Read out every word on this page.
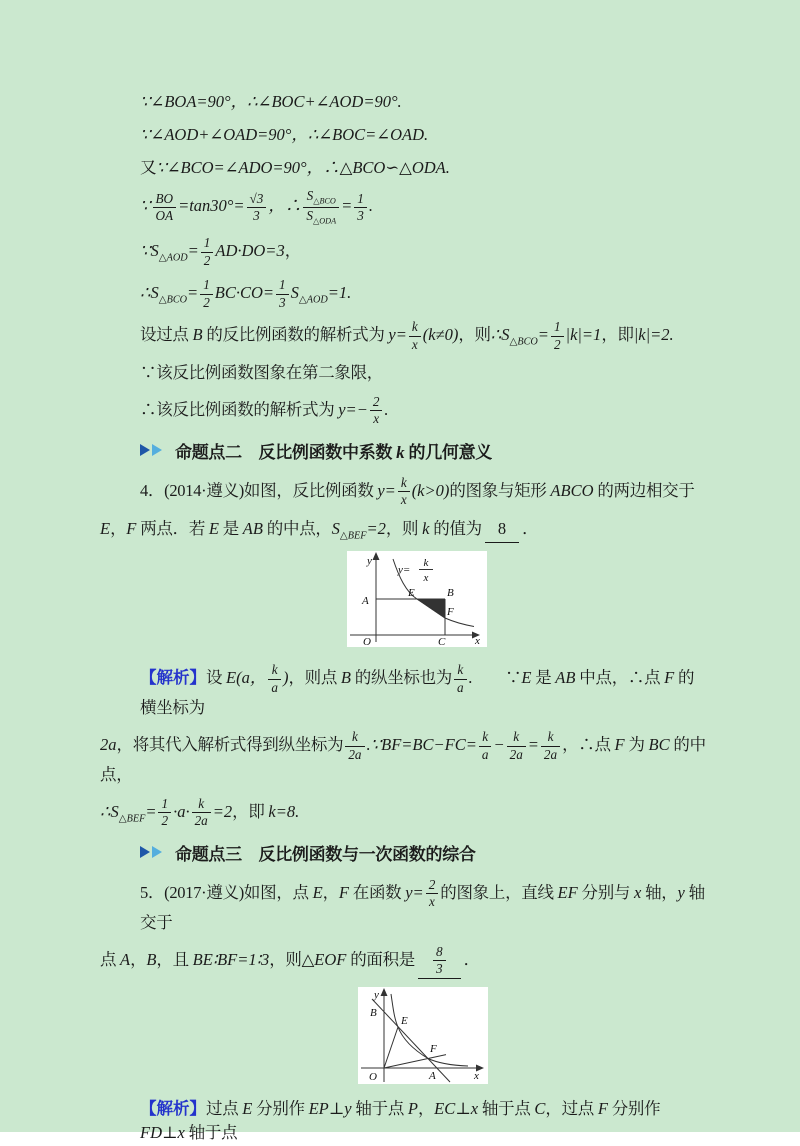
∵∠BOA=90°，∴∠BOC+∠AOD=90°.
∵∠AOD+∠OAD=90°，∴∠BOC=∠OAD.
又∵∠BCO=∠ADO=90°，∴△BCO∽△ODA.
∵ $\frac{BO}{OA} =\tan 30^\circ= \frac{√3}{3}$ ，∴ $\frac{S_{\triangle BCO}}{S_{\triangle ODA}} = \frac{1}{3}$ .
$\because S_{\triangle AOD}= \frac{1}{2} AD\cdot DO=3$，
$\therefore S_{\triangle BCO}= \frac{1}{2} BC\cdot CO= \frac{1}{3} S_{\triangle AOD}=1$.
设过点 B 的反比例函数的解析式为 $y= \frac{k}{x} (k\ne 0)$，则$\therefore S_{\triangle BCO}= \frac{1}{2} |k|=1$，即|k|=2.
∵该反比例函数图象在第二象限，
∴该反比例函数的解析式为 $y=- \frac{2}{x}$ .
命题点二　反比例函数中系数 k 的几何意义
4．(2014·遵义)如图，反比例函数 $y= \frac{k}{x} (k>0)$的图象与矩形 ABCO 的两边相交于
E，F 两点．若 E 是 AB 的中点，$S_{\triangle BEF}=2$，则 k 的值为 8 ．
y
x
O
A
B
C
E
F
y=
k
x
【解析】设 E(a， $\frac{k}{a}$ )，则点 B 的纵坐标也为 $\frac{k}{a}$ .　　∵E 是 AB 中点，∴点 F 的横坐标为
2a，将其代入解析式得到纵坐标为 $\frac{k}{2a}$ .∵BF=BC−FC= $\frac{k}{a} - \frac{k}{2a} = \frac{k}{2a}$ ，∴点 F 为 BC 的中点，
$\therefore S_{\triangle BEF}= \frac{1}{2} \cdot a\cdot \frac{k}{2a} =2$，即 k=8.
命题点三　反比例函数与一次函数的综合
5．(2017·遵义)如图，点 E，F 在函数 $y= \frac{2}{x}$ 的图象上，直线 EF 分别与 x 轴，y 轴交于
点 A，B，且 BE∶BF=1∶3，则△EOF 的面积是 $\frac{8}{3}$ ．
y
x
O
B
E
F
A
【解析】过点 E 分别作 EP⊥y 轴于点 P，EC⊥x 轴于点 C，过点 F 分别作 FD⊥x 轴于点
